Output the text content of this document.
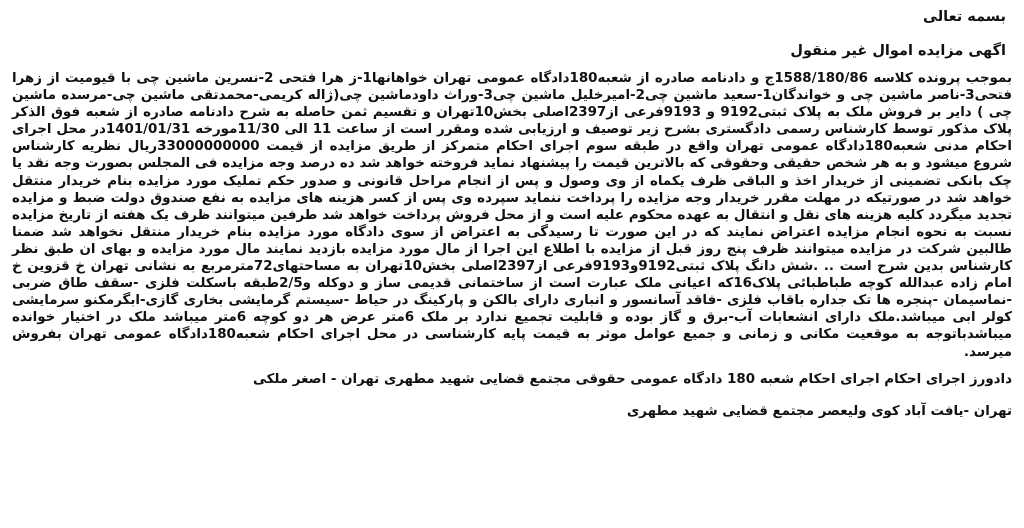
بسمه تعالی

اگهی مزایده اموال غیر منقول

بموجب پرونده کلاسه 1588/180/86ج و دادنامه صادره از شعبه180دادگاه عمومی تهران خواهانها1-ز هرا فتحی 2-نسرین ماشین چی با قیومیت از زهرا فتحی3-ناصر ماشین چی و خواندگان1-سعید ماشین چی2-امیرخلیل ماشین چی3-وراث داودماشین چی(ژاله کریمی-محمدتقی ماشین چی-مرسده ماشین چی ) دایر بر فروش ملک به پلاک ثبتی9192 و 9193فرعی از2397اصلی بخش10تهران و تقسیم ثمن حاصله به شرح دادنامه صادره از شعبه فوق الذکر پلاک مذکور توسط کارشناس رسمی دادگستری بشرح زیر توصیف و ارزیابی شده ومقرر است از ساعت 11 الی 11/30مورخه 1401/01/31در محل اجرای احکام مدنی شعبه180دادگاه عمومی تهران واقع در طبقه سوم اجرای احکام متمرکز از طریق مزایده از قیمت 33000000000ریال نظریه کارشناس شروع میشود و به هر شخص حقیقی وحقوقی که بالاترین قیمت را پیشنهاد نماید فروخته خواهد شد ده درصد وجه مزایده فی المجلس بصورت وجه نقد یا چک بانکی تضمینی از خریدار اخذ و الباقی ظرف یکماه از وی وصول و پس از انجام مراحل قانونی و صدور حکم تملیک مورد مزایده بنام خریدار منتقل خواهد شد در صورتیکه در مهلت مقرر خریدار وجه مزایده را پرداخت ننماید سپرده وی پس از کسر هزینه های مزایده به نفع صندوق دولت ضبط و مزایده تجدید میگردد کلیه هزینه های نقل و انتقال به عهده محکوم علیه است و از محل فروش پرداخت خواهد شد طرفین میتوانند ظرف یک هفته از تاریخ مزایده نسبت به نحوه انجام مزایده اعتراض نمایند که در این صورت تا رسیدگی به اعتراض از سوی دادگاه مورد مزایده بنام خریدار منتقل نخواهد شد ضمنا طالبین شرکت در مزایده میتوانند ظرف پنج روز قبل از مزایده با اطلاع این اجرا از مال مورد مزایده بازدید نمایند مال مورد مزایده و بهای ان طبق نظر کارشناس بدین شرح است .. .شش دانگ پلاک ثبتی9192و9193فرعی از2397اصلی بخش10تهران به مساحتهای72مترمربع به نشانی تهران خ قزوین خ امام زاده عبدالله کوچه طباطبائی پلاک16که اعیانی ملک عبارت است از ساختمانی قدیمی ساز و دوکله و2/5طبقه باسکلت فلزی -سقف طاق ضربی -نماسیمان -پنجره ها تک جداره باقاب فلزی -فاقد آسانسور و انباری دارای بالکن و پارکینگ در حیاط -سیستم گرمایشی بخاری گازی-ابگرمکنو سرمایشی کولر ابی میباشد.ملک دارای انشعابات آب-برق و گاز بوده و قابلیت تجمیع ندارد بر ملک 6متر عرض هر دو کوچه 6متر میباشد ملک در اختیار خوانده میباشدباتوجه به موقعیت مکانی و زمانی و جمیع عوامل موثر به قیمت پایه کارشناسی در محل اجرای احکام شعبه180دادگاه عمومی تهران بفروش میرسد.

دادورز اجرای احکام اجرای احکام شعبه 180 دادگاه عمومی حقوقی مجتمع قضایی شهید مطهری تهران - اصغر ملکی

تهران -یافت آباد کوی ولیعصر مجتمع قضایی شهید مطهری
